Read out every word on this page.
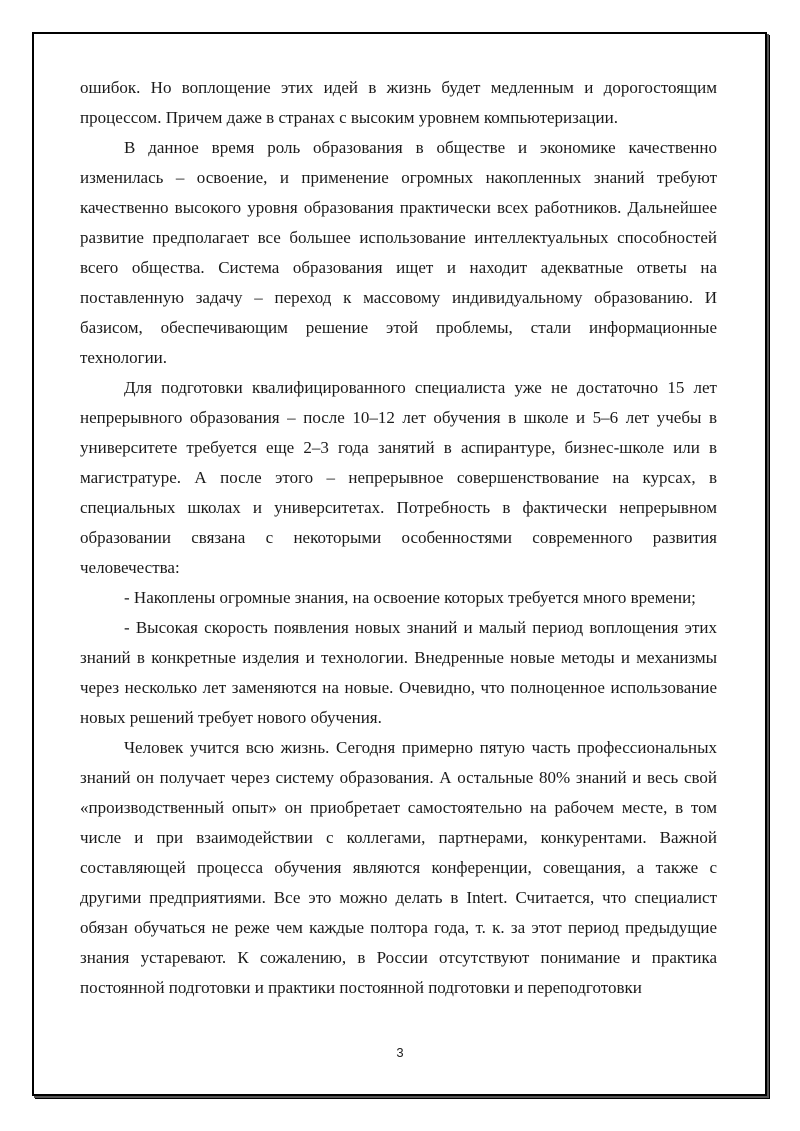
ошибок. Но воплощение этих идей в жизнь будет медленным и дорогостоящим процессом. Причем даже в странах с высоким уровнем компьютеризации.

В данное время роль образования в обществе и экономике качественно изменилась – освоение, и применение огромных накопленных знаний требуют качественно высокого уровня образования практически всех работников. Дальнейшее развитие предполагает все большее использование интеллектуальных способностей всего общества. Система образования ищет и находит адекватные ответы на поставленную задачу – переход к массовому индивидуальному образованию. И базисом, обеспечивающим решение этой проблемы, стали информационные технологии.

Для подготовки квалифицированного специалиста уже не достаточно 15 лет непрерывного образования – после 10–12 лет обучения в школе и 5–6 лет учебы в университете требуется еще 2–3 года занятий в аспирантуре, бизнес-школе или в магистратуре. А после этого – непрерывное совершенствование на курсах, в специальных школах и университетах. Потребность в фактически непрерывном образовании связана с некоторыми особенностями современного развития человечества:

- Накоплены огромные знания, на освоение которых требуется много времени;

- Высокая скорость появления новых знаний и малый период воплощения этих знаний в конкретные изделия и технологии. Внедренные новые методы и механизмы через несколько лет заменяются на новые. Очевидно, что полноценное использование новых решений требует нового обучения.

Человек учится всю жизнь. Сегодня примерно пятую часть профессиональных знаний он получает через систему образования. А остальные 80% знаний и весь свой «производственный опыт» он приобретает самостоятельно на рабочем месте, в том числе и при взаимодействии с коллегами, партнерами, конкурентами. Важной составляющей процесса обучения являются конференции, совещания, а также с другими предприятиями. Все это можно делать в Intert. Считается, что специалист обязан обучаться не реже чем каждые полтора года, т. к. за этот период предыдущие знания устаревают. К сожалению, в России отсутствуют понимание и практика постоянной подготовки и практики постоянной подготовки и переподготовки

3
